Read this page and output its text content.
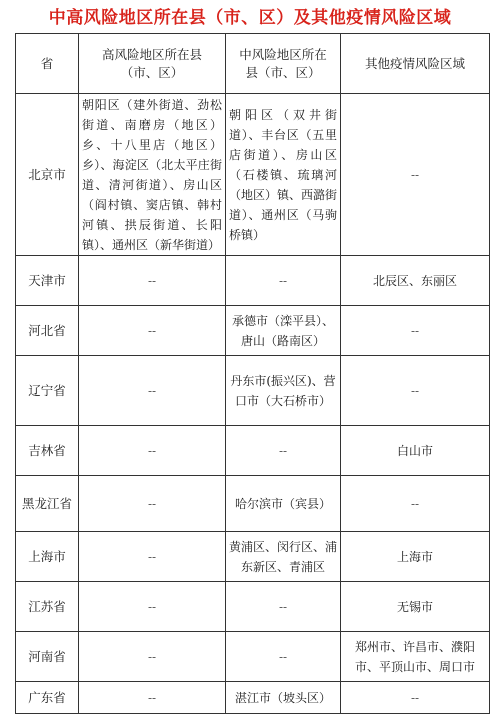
中高风险地区所在县（市、区）及其他疫情风险区域
省	高风险地区所在县（市、区）	中风险地区所在县（市、区）	其他疫情风险区域
北京市	朝阳区（建外街道、劲松街道、南磨房（地区）乡、十八里店（地区）乡）、海淀区（北太平庄街道、清河街道）、房山区（阎村镇、窦店镇、韩村河镇、拱辰街道、长阳镇）、通州区（新华街道）	朝阳区（双井街道）、丰台区（五里店街道）、房山区（石楼镇、琉璃河（地区）镇、西潞街道）、通州区（马驹桥镇）	--
天津市	--	--	北辰区、东丽区
河北省	--	承德市（滦平县）、唐山（路南区）	--
辽宁省	--	丹东市(振兴区)、营口市（大石桥市）	--
吉林省	--	--	白山市
黑龙江省	--	哈尔滨市（宾县）	--
上海市	--	黄浦区、闵行区、浦东新区、青浦区	上海市
江苏省	--	--	无锡市
河南省	--	--	郑州市、许昌市、濮阳市、平顶山市、周口市
广东省	--	湛江市（坡头区）	--
